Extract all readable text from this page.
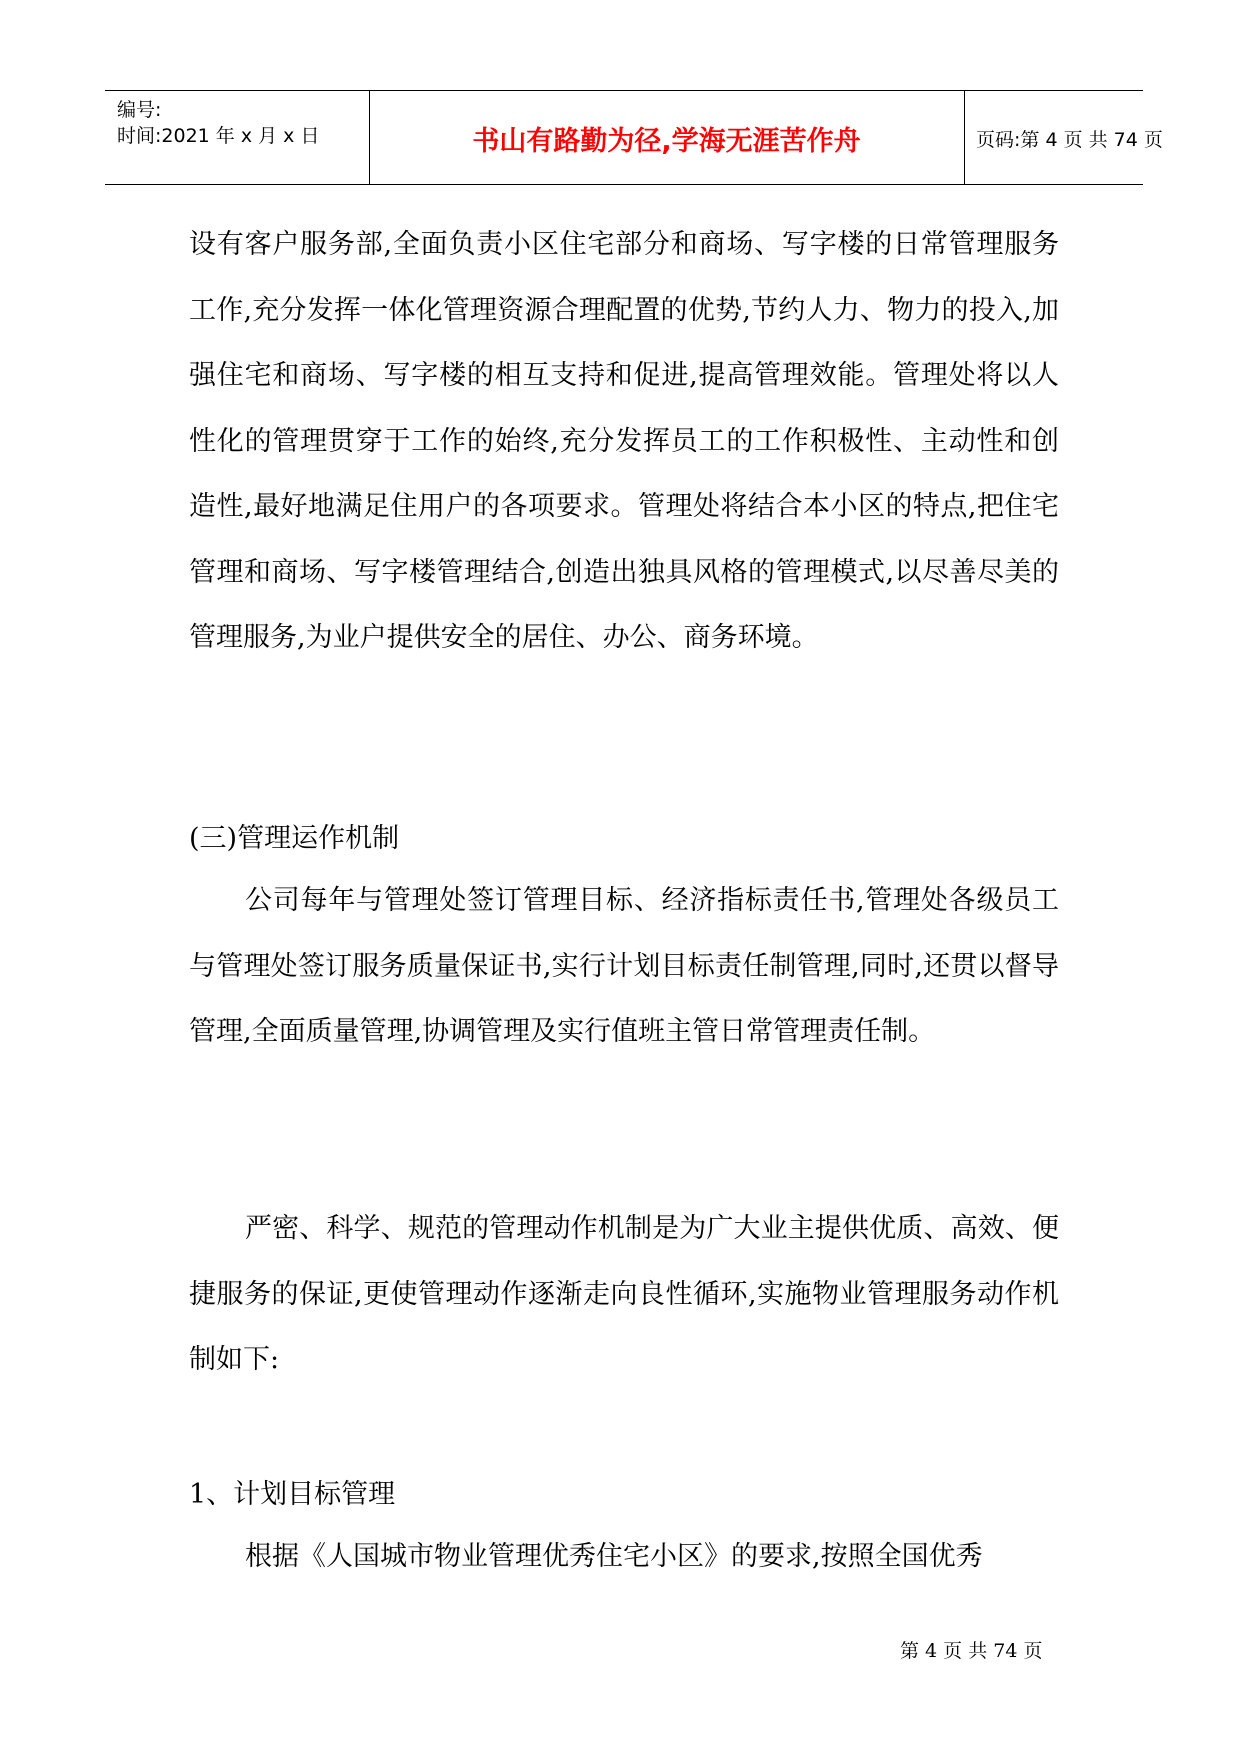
编号:
时间:2021 年 x 月 x 日	书山有路勤为径,学海无涯苦作舟	页码:第 4 页 共 74 页
设有客户服务部,全面负责小区住宅部分和商场、写字楼的日常管理服务工作,充分发挥一体化管理资源合理配置的优势,节约人力、物力的投入,加强住宅和商场、写字楼的相互支持和促进,提高管理效能。管理处将以人性化的管理贯穿于工作的始终,充分发挥员工的工作积极性、主动性和创造性,最好地满足住用户的各项要求。管理处将结合本小区的特点,把住宅管理和商场、写字楼管理结合,创造出独具风格的管理模式,以尽善尽美的管理服务,为业户提供安全的居住、办公、商务环境。
(三)管理运作机制
公司每年与管理处签订管理目标、经济指标责任书,管理处各级员工与管理处签订服务质量保证书,实行计划目标责任制管理,同时,还贯以督导管理,全面质量管理,协调管理及实行值班主管日常管理责任制。
严密、科学、规范的管理动作机制是为广大业主提供优质、高效、便捷服务的保证,更使管理动作逐渐走向良性循环,实施物业管理服务动作机制如下:
1、计划目标管理
根据《人国城市物业管理优秀住宅小区》的要求,按照全国优秀
第 4 页 共 74 页
